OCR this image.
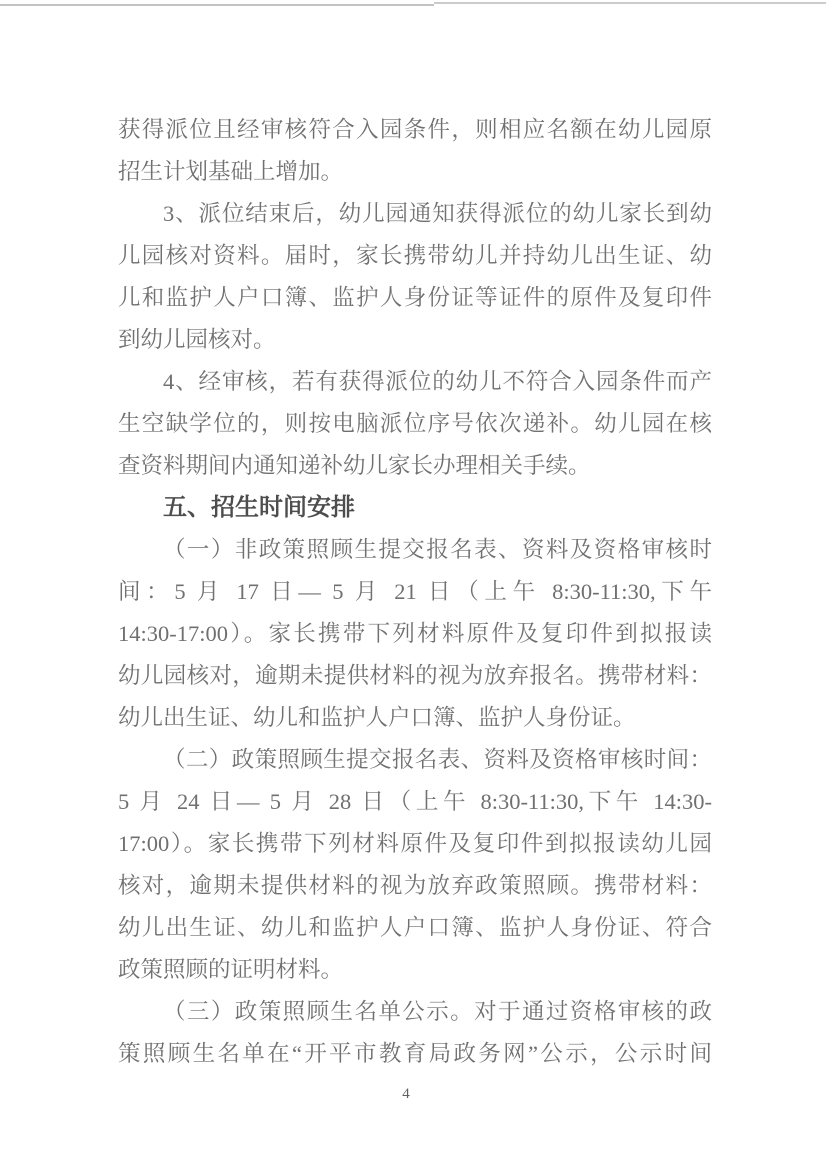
获得派位且经审核符合入园条件，则相应名额在幼儿园原
招生计划基础上增加。
3、派位结束后，幼儿园通知获得派位的幼儿家长到幼
儿园核对资料。届时，家长携带幼儿并持幼儿出生证、幼
儿和监护人户口簿、监护人身份证等证件的原件及复印件
到幼儿园核对。
4、经审核，若有获得派位的幼儿不符合入园条件而产
生空缺学位的，则按电脑派位序号依次递补。幼儿园在核
查资料期间内通知递补幼儿家长办理相关手续。
五、招生时间安排
（一）非政策照顾生提交报名表、资料及资格审核时
间：5 月 17 日— 5 月 21 日（上午 8:30-11:30,下午
14:30-17:00）。家长携带下列材料原件及复印件到拟报读
幼儿园核对，逾期未提供材料的视为放弃报名。携带材料：
幼儿出生证、幼儿和监护人户口簿、监护人身份证。
（二）政策照顾生提交报名表、资料及资格审核时间：
5 月 24 日— 5 月 28 日（上午 8:30-11:30,下午 14:30-
17:00）。家长携带下列材料原件及复印件到拟报读幼儿园
核对，逾期未提供材料的视为放弃政策照顾。携带材料：
幼儿出生证、幼儿和监护人户口簿、监护人身份证、符合
政策照顾的证明材料。
（三）政策照顾生名单公示。对于通过资格审核的政
策照顾生名单在“开平市教育局政务网”公示，公示时间
4
